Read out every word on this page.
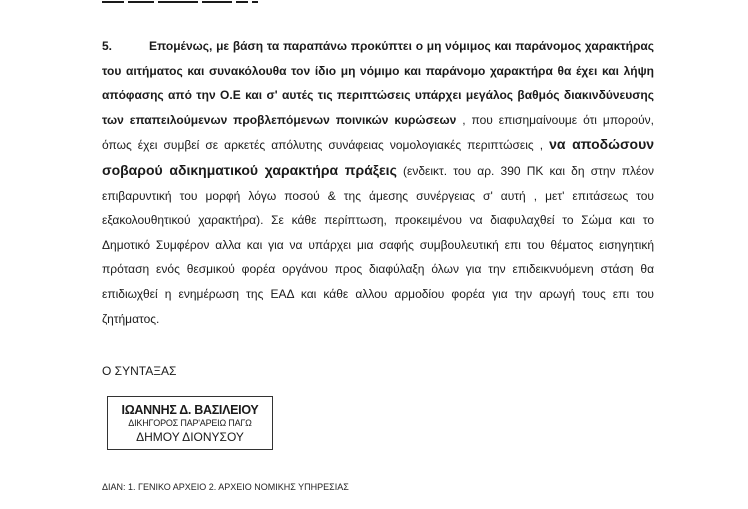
5.	Επομένως, με βάση τα παραπάνω προκύπτει ο μη νόμιμος και παράνομος χαρακτήρας του αιτήματος και συνακόλουθα τον ίδιο μη νόμιμο και παράνομο χαρακτήρα θα έχει και λήψη απόφασης από την Ο.Ε και σ' αυτές τις περιπτώσεις υπάρχει μεγάλος βαθμός διακινδύνευσης των επαπειλούμενων προβλεπόμενων ποινικών κυρώσεων , που επισημαίνουμε ότι μπορούν, όπως έχει συμβεί σε αρκετές απόλυτης συνάφειας νομολογιακές περιπτώσεις , να αποδώσουν σοβαρού αδικηματικού χαρακτήρα πράξεις (ενδεικτ. του αρ. 390 ΠΚ και δη στην πλέον επιβαρυντική του μορφή λόγω ποσού & της άμεσης συνέργειας σ' αυτή , μετ' επιτάσεως του εξακολουθητικού χαρακτήρα). Σε κάθε περίπτωση, προκειμένου να διαφυλαχθεί το Σώμα και το Δημοτικό Συμφέρον αλλα και για να υπάρχει μια σαφής συμβουλευτική επι του θέματος εισηγητική πρόταση ενός θεσμικού φορέα οργάνου προς διαφύλαξη όλων για την επιδεικνυόμενη στάση θα επιδιωχθεί η ενημέρωση της ΕΑΔ και κάθε αλλου αρμοδίου φορέα για την αρωγή τους επι του ζητήματος.
Ο ΣΥΝΤΑΞΑΣ
ΙΩΑΝΝΗΣ Δ. ΒΑΣΙΛΕΙΟΥ
ΔΙΚΗΓΟΡΟΣ ΠΑΡ'ΑΡΕΙΩ ΠΑΓΩ
ΔΗΜΟΥ ΔΙΟΝΥΣΟΥ
ΔΙΑΝ: 1. ΓΕΝΙΚΟ ΑΡΧΕΙΟ 2. ΑΡΧΕΙΟ ΝΟΜΙΚΗΣ ΥΠΗΡΕΣΙΑΣ
